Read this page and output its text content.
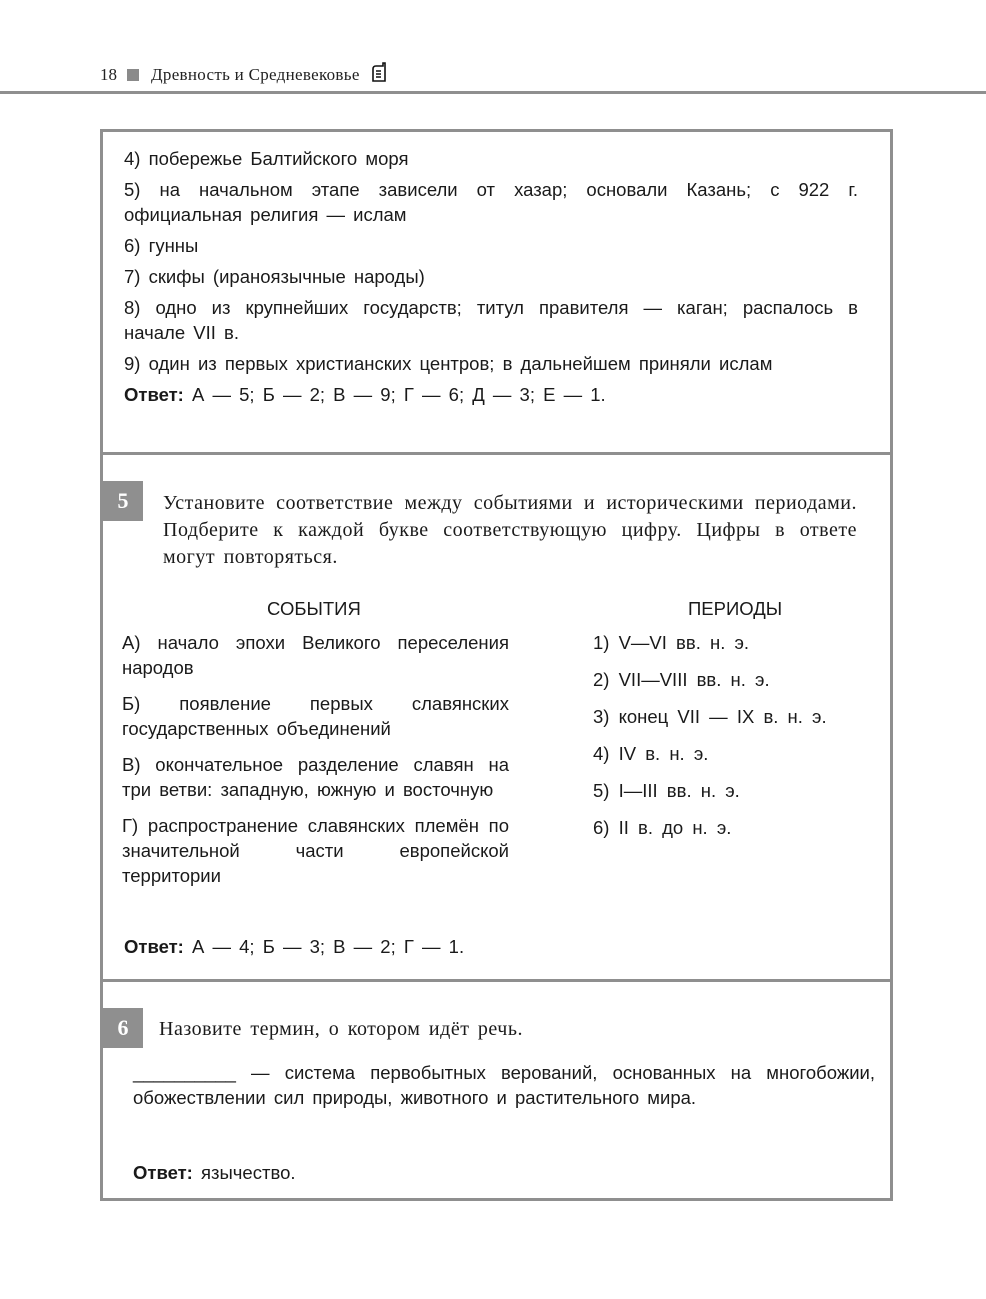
18 Древность и Средневековье

4) побережье Балтийского моря

5) на начальном этапе зависели от хазар; основали Казань; с 922 г. официальная религия — ислам

6) гунны

7) скифы (ираноязычные народы)

8) одно из крупнейших государств; титул правителя — каган; распалось в начале VII в.

9) один из первых христианских центров; в дальнейшем приняли ислам

Ответ: А — 5; Б — 2; В — 9; Г — 6; Д — 3; Е — 1.
5	Установите соответствие между событиями и историческими периодами. Подберите к каждой букве соответствующую цифру. Цифры в ответе могут повторяться.
СОБЫТИЯ	ПЕРИОДЫ

А) начало эпохи Великого переселения народов

Б) появление первых славянских государственных объединений

В) окончательное разделение славян на три ветви: западную, южную и восточную

Г) распространение славянских племён по значительной части европейской территории

1) V—VI вв. н. э.
2) VII—VIII вв. н. э.
3) конец VII — IX в. н. э.
4) IV в. н. э.
5) I—III вв. н. э.
6) II в. до н. э.
Ответ: А — 4; Б — 3; В — 2; Г — 1.
6	Назовите термин, о котором идёт речь.

__________ — система первобытных верований, основанных на многобожии, обожествлении сил природы, животного и растительного мира.

Ответ: язычество.
